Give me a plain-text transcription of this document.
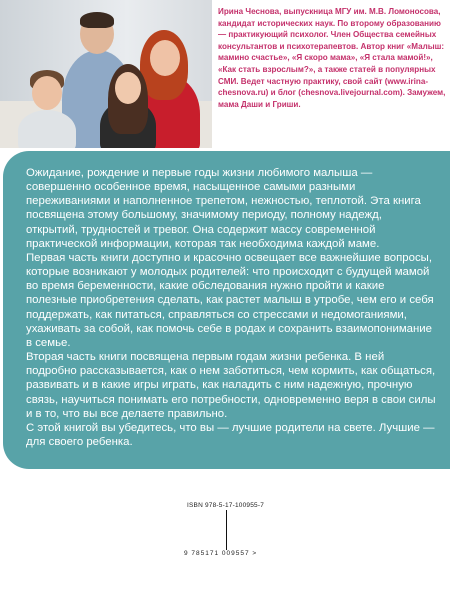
Ирина Чеснова, выпускница МГУ им. М.В. Ломоносова, кандидат исторических наук. По второму образованию — практикующий психолог. Член Общества семейных консультантов и психотерапевтов. Автор книг «Малыш: мамино счастье», «Я скоро мама», «Я стала мамой!», «Как стать взрослым?», а также статей в популярных СМИ. Ведет частную практику, свой сайт (www.irina-chesnova.ru) и блог (chesnova.livejournal.com). Замужем, мама Даши и Гриши.

Ожидание, рождение и первые годы жизни любимого малыша — совершенно особенное время, насыщенное самыми разными переживаниями и наполненное трепетом, нежностью, теплотой. Эта книга посвящена этому большому, значимому периоду, полному надежд, открытий, трудностей и тревог. Она содержит массу современной практической информации, которая так необходима каждой маме.

Первая часть книги доступно и красочно освещает все важнейшие вопросы, которые возникают у молодых родителей: что происходит с будущей мамой во время беременности, какие обследования нужно пройти и какие полезные приобретения сделать, как растет малыш в утробе, чем его и себя поддержать, как питаться, справляться со стрессами и недомоганиями, ухаживать за собой, как помочь себе в родах и сохранить взаимопонимание в семье.

Вторая часть книги посвящена первым годам жизни ребенка. В ней подробно рассказывается, как о нем заботиться, чем кормить, как общаться, развивать и в какие игры играть, как наладить с ним надежную, прочную связь, научиться понимать его потребности, одновременно веря в свои силы и в то, что вы все делаете правильно.

С этой книгой вы убедитесь, что вы — лучшие родители на свете. Лучшие — для своего ребенка.

ISBN 978-5-17-100955-7
9 785171 009557 >
